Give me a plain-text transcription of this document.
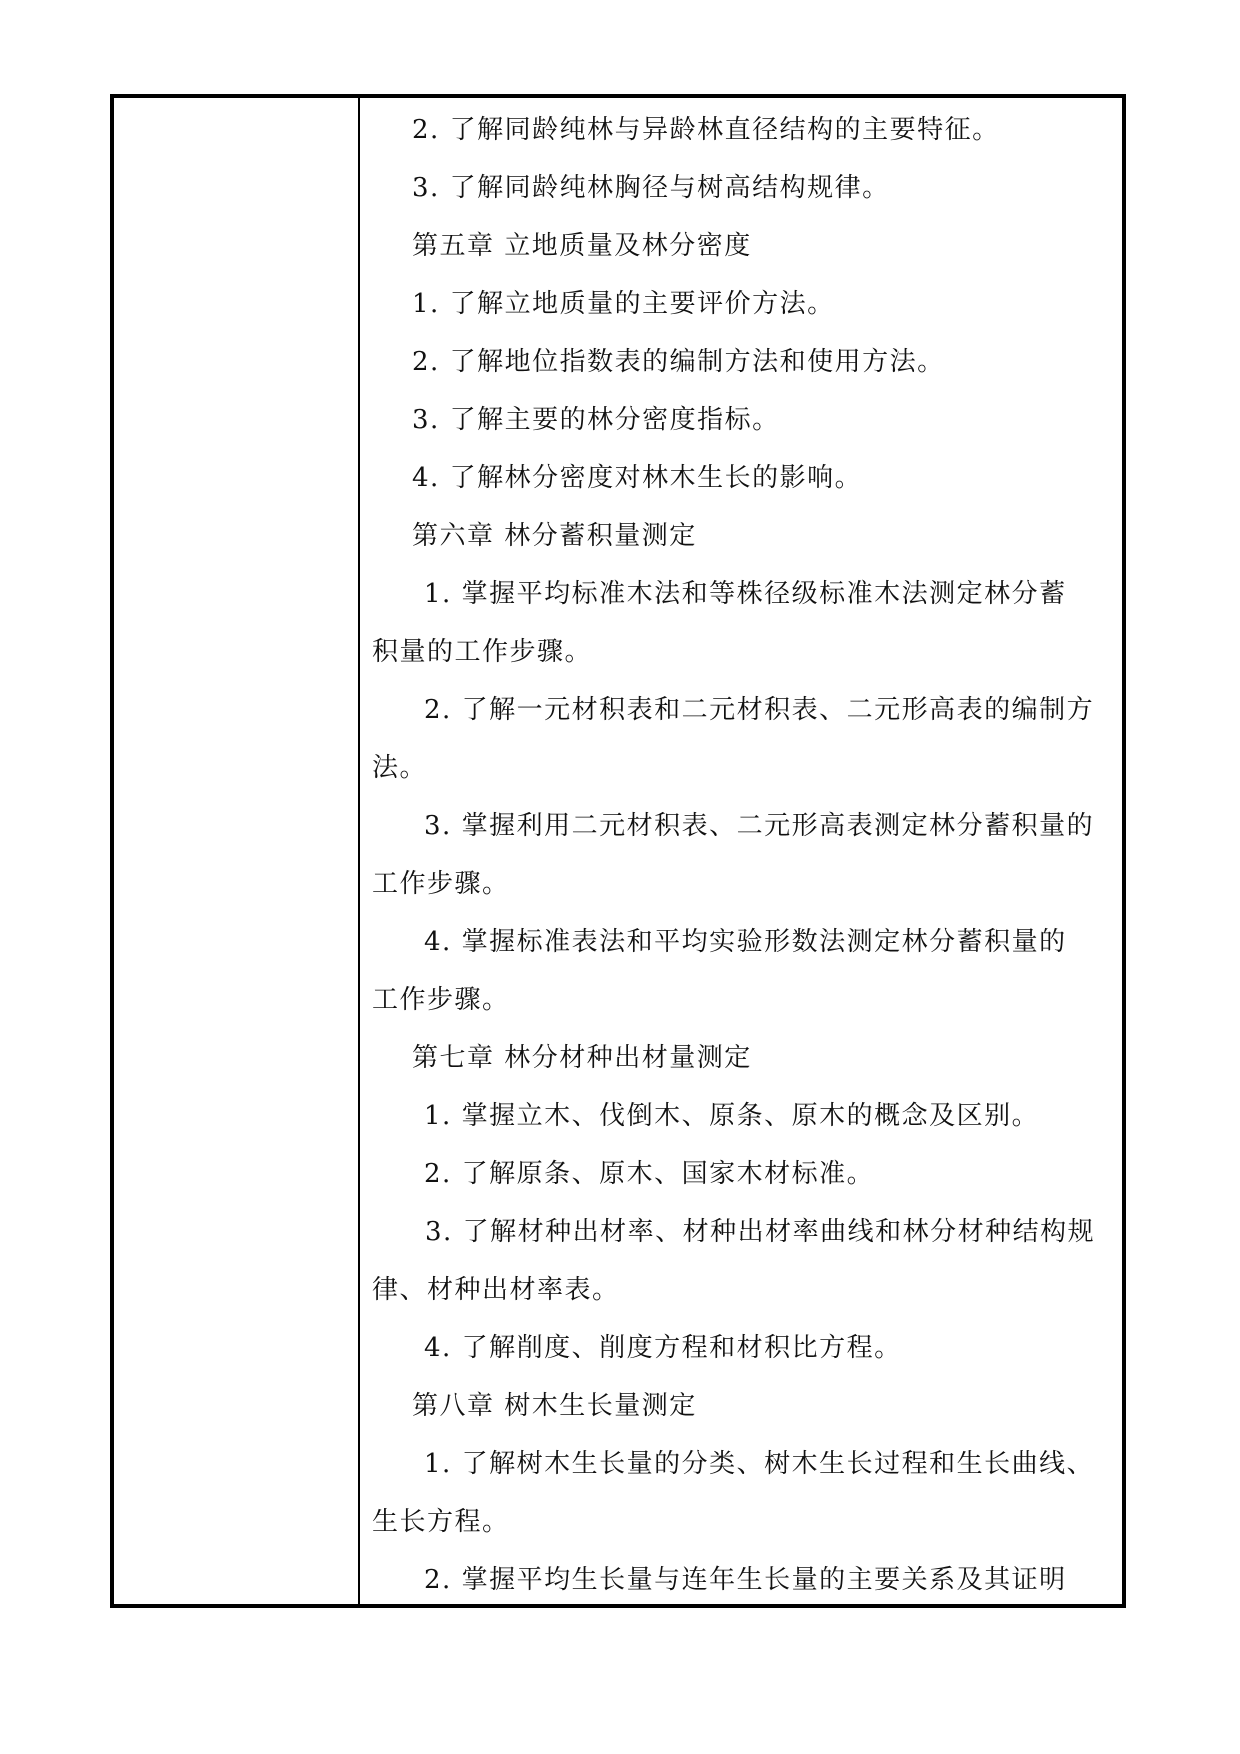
2. 了解同龄纯林与异龄林直径结构的主要特征。
3. 了解同龄纯林胸径与树高结构规律。
第五章 立地质量及林分密度
1. 了解立地质量的主要评价方法。
2. 了解地位指数表的编制方法和使用方法。
3. 了解主要的林分密度指标。
4. 了解林分密度对林木生长的影响。
第六章 林分蓄积量测定
1. 掌握平均标准木法和等株径级标准木法测定林分蓄
积量的工作步骤。
2. 了解一元材积表和二元材积表、二元形高表的编制方
法。
3. 掌握利用二元材积表、二元形高表测定林分蓄积量的
工作步骤。
4. 掌握标准表法和平均实验形数法测定林分蓄积量的
工作步骤。
第七章 林分材种出材量测定
1. 掌握立木、伐倒木、原条、原木的概念及区别。
2. 了解原条、原木、国家木材标准。
3. 了解材种出材率、材种出材率曲线和林分材种结构规
律、材种出材率表。
4. 了解削度、削度方程和材积比方程。
第八章 树木生长量测定
1. 了解树木生长量的分类、树木生长过程和生长曲线、
生长方程。
2. 掌握平均生长量与连年生长量的主要关系及其证明
